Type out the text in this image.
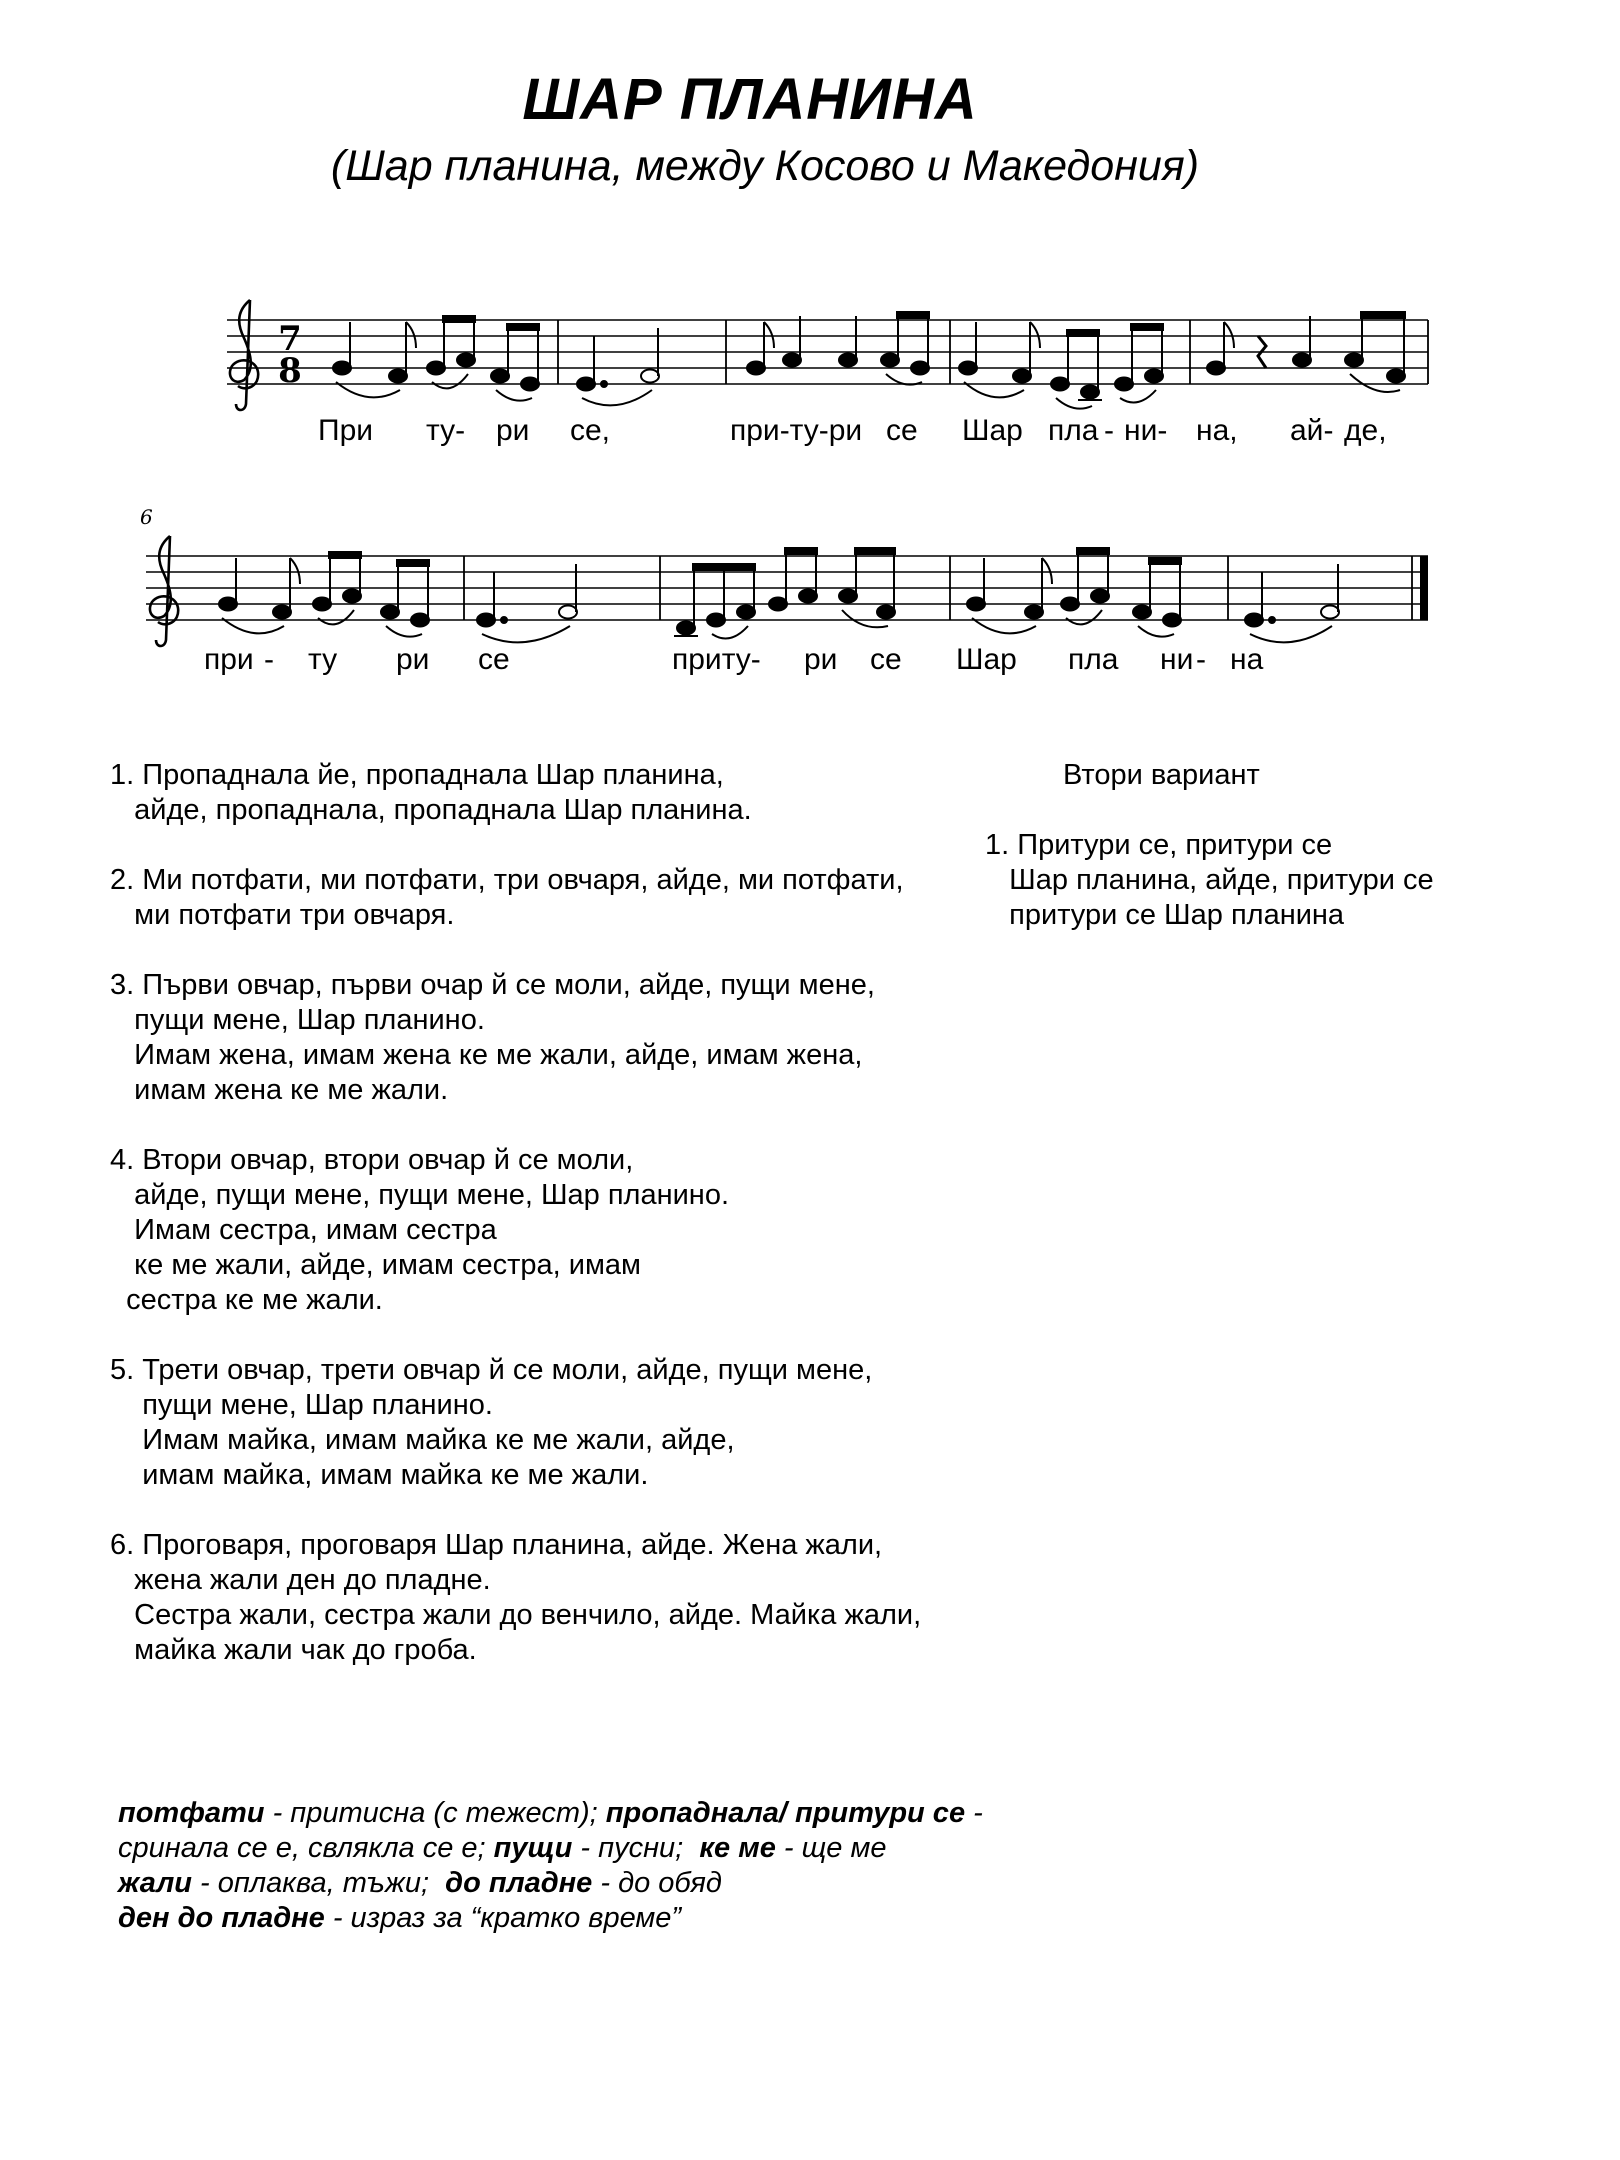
ШАР ПЛАНИНА
(Шар планина, между Косово и Македония)
7
8
При ту- ри се,	при-ту-ри се Шар пла - ни- на, ай- де,
6
при - ту ри се	приту- ри се Шар пла ни - на
1. Пропаднала йе, пропаднала Шар планина,
айде, пропаднала, пропаднала Шар планина.
2. Ми потфати, ми потфати, три овчаря, айде, ми потфати,
ми потфати три овчаря.
3. Първи овчар, първи очар й се моли, айде, пущи мене,
пущи мене, Шар планино.
Имам жена, имам жена ке ме жали, айде, имам жена,
имам жена ке ме жали.
4. Втори овчар, втори овчар й се моли,
айде, пущи мене, пущи мене, Шар планино.
Имам сестра, имам сестра
ке ме жали, айде, имам сестра, имам
сестра ке ме жали.
5. Трети овчар, трети овчар й се моли, айде, пущи мене,
пущи мене, Шар планино.
Имам майка, имам майка ке ме жали, айде,
имам майка, имам майка ке ме жали.
6. Проговаря, проговаря Шар планина, айде. Жена жали,
жена жали ден до пладне.
Сестра жали, сестра жали до венчило, айде. Майка жали,
майка жали чак до гроба.
Втори вариант
1. Притури се, притури се
Шар планина, айде, притури се
притури се Шар планина
потфати - притисна (с тежест); пропаднала/ притури се -
сринала се е, свлякла се е; пущи - пусни;  ке ме - ще ме
жали - оплаква, тъжи;  до пладне - до обяд
ден до пладне - израз за “кратко време”
